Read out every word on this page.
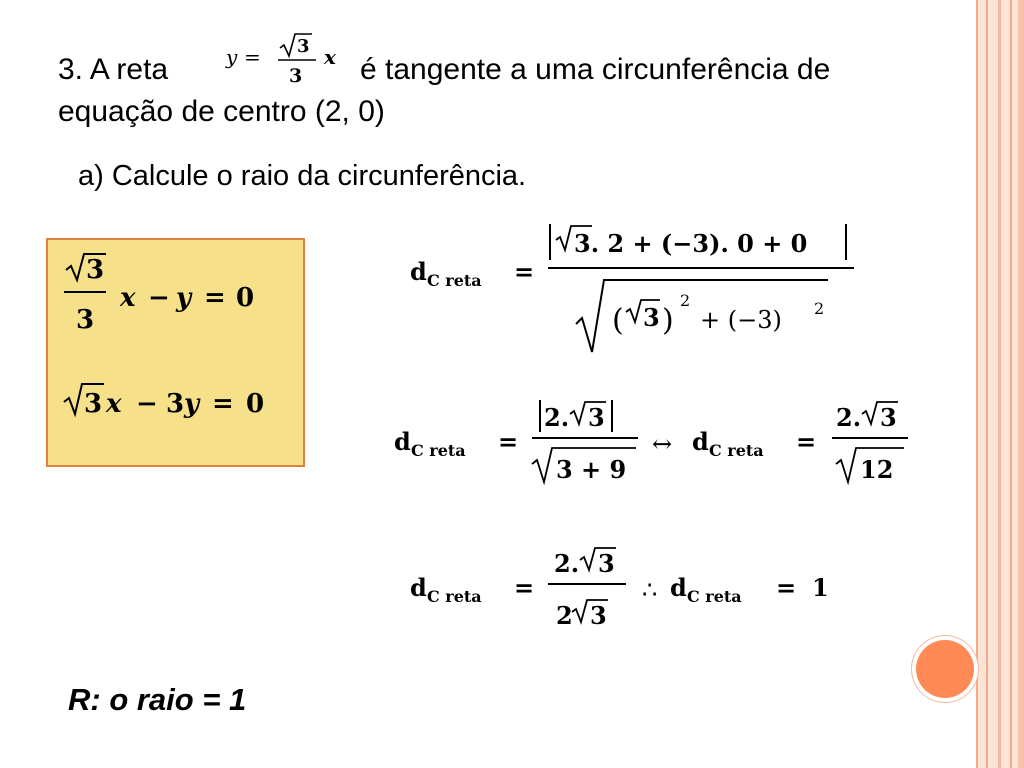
3. A reta	y = 3
3
x é tangente a uma circunferência de
equação de centro (2, 0)
a) Calcule o raio da circunferência.
3
3
x − y = 0
3 x − 3 y = 0
d C reta =
3. 2 + (−3). 0 + 0
( 3 )
2
+ (−3) 2
d C reta =
2. 3
3 + 9
↔ d C reta =
2. 3
12
d C reta =
2. 3
2 3
∴ d C reta = 1
R: o raio = 1
